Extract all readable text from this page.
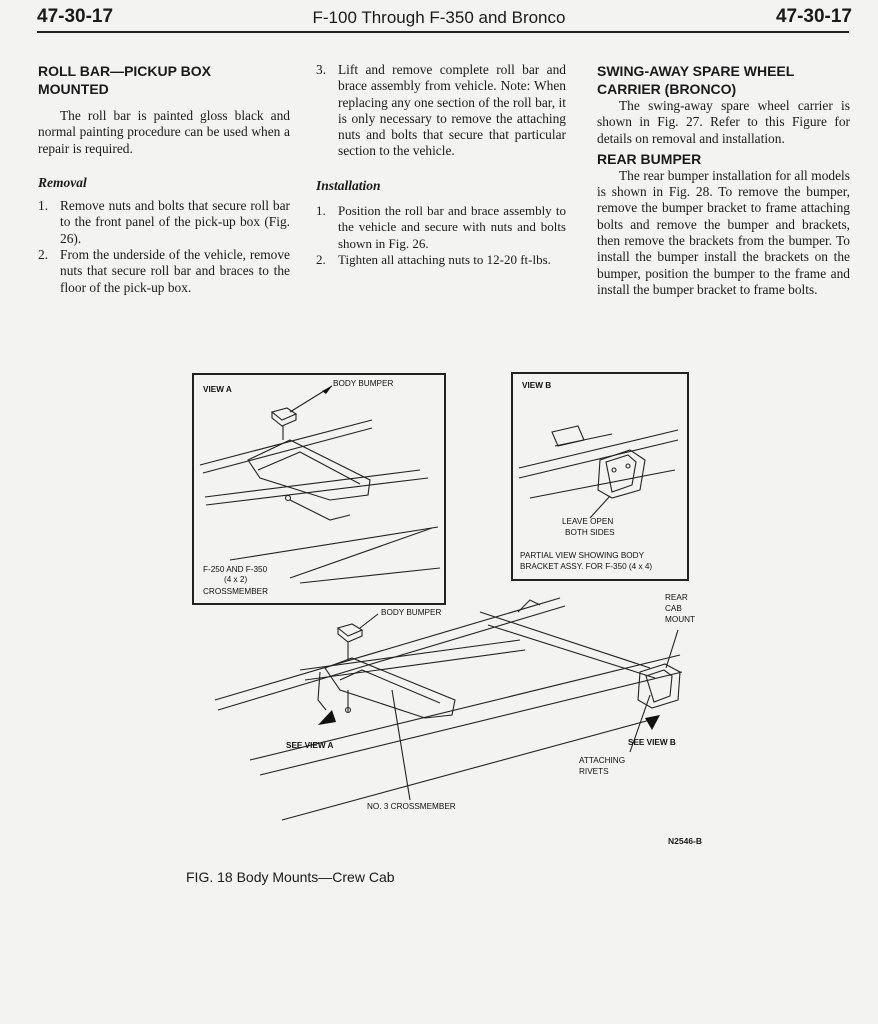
47-30-17	F-100 Through F-350 and Bronco	47-30-17
ROLL BAR—PICKUP BOX
MOUNTED

The roll bar is painted gloss black and normal painting procedure can be used when a repair is required.

Removal
1. Remove nuts and bolts that secure roll bar to the front panel of the pick-up box (Fig. 26).
2. From the underside of the vehicle, remove nuts that secure roll bar and braces to the floor of the pick-up box.
3. Lift and remove complete roll bar and brace assembly from vehicle. Note: When replacing any one section of the roll bar, it is only necessary to remove the attaching nuts and bolts that secure that particular section to the vehicle.
Installation
1. Position the roll bar and brace assembly to the vehicle and secure with nuts and bolts shown in Fig. 26.
2. Tighten all attaching nuts to 12-20 ft-lbs.
SWING-AWAY SPARE WHEEL
CARRIER (BRONCO)

The swing-away spare wheel carrier is shown in Fig. 27. Refer to this Figure for details on removal and installation.

REAR BUMPER

The rear bumper installation for all models is shown in Fig. 28. To remove the bumper, remove the bumper bracket to frame attaching bolts and remove the bumper and brackets, then remove the brackets from the bumper. To install the bumper install the brackets on the bumper, position the bumper to the frame and install the bumper bracket to frame bolts.

VIEW A
BODY BUMPER
F-250 AND F-350
(4 x 2)
CROSSMEMBER
VIEW B
LEAVE OPEN
BOTH SIDES
PARTIAL VIEW SHOWING BODY
BRACKET ASSY. FOR F-350 (4 x 4)
BODY BUMPER
REAR
CAB
MOUNT
SEE VIEW A	SEE VIEW B
ATTACHING
RIVETS
NO. 3 CROSSMEMBER
N2546-B
FIG. 18 Body Mounts—Crew Cab
